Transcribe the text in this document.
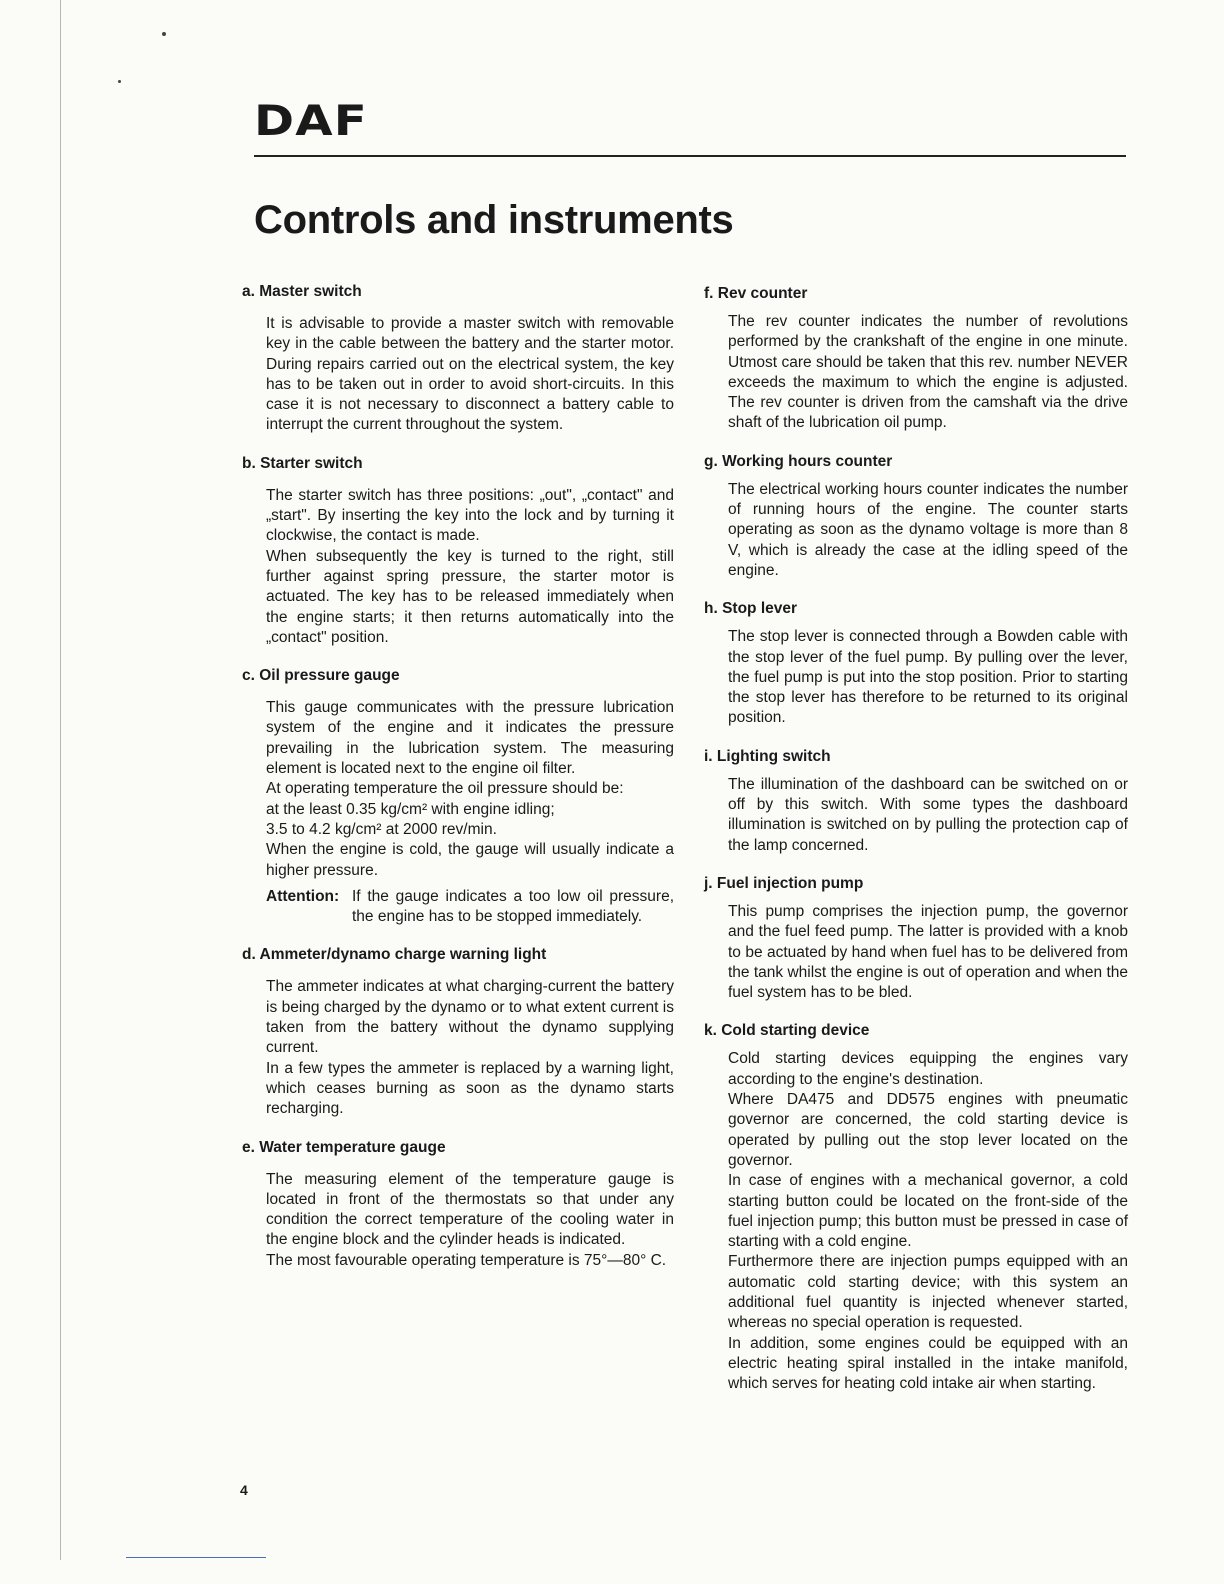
DAF
Controls and instruments
a. Master switch

It is advisable to provide a master switch with removable key in the cable between the battery and the starter motor. During repairs carried out on the electrical system, the key has to be taken out in order to avoid short-circuits. In this case it is not necessary to disconnect a battery cable to interrupt the current throughout the system.

b. Starter switch

The starter switch has three positions: „out", „contact" and „start". By inserting the key into the lock and by turning it clockwise, the contact is made.

When subsequently the key is turned to the right, still further against spring pressure, the starter motor is actuated. The key has to be released immediately when the engine starts; it then returns automatically into the „contact" position.

c. Oil pressure gauge

This gauge communicates with the pressure lubrication system of the engine and it indicates the pressure prevailing in the lubrication system. The measuring element is located next to the engine oil filter.

At operating temperature the oil pressure should be:

at the least 0.35 kg/cm² with engine idling;

3.5 to 4.2 kg/cm² at 2000 rev/min.

When the engine is cold, the gauge will usually indicate a higher pressure.

Attention: If the gauge indicates a too low oil pressure, the engine has to be stopped immediately.
d. Ammeter/dynamo charge warning light

The ammeter indicates at what charging-current the battery is being charged by the dynamo or to what extent current is taken from the battery without the dynamo supplying current.

In a few types the ammeter is replaced by a warning light, which ceases burning as soon as the dynamo starts recharging.

e. Water temperature gauge

The measuring element of the temperature gauge is located in front of the thermostats so that under any condition the correct temperature of the cooling water in the engine block and the cylinder heads is indicated.

The most favourable operating temperature is 75°—80° C.

f. Rev counter

The rev counter indicates the number of revolutions performed by the crankshaft of the engine in one minute. Utmost care should be taken that this rev. number NEVER exceeds the maximum to which the engine is adjusted. The rev counter is driven from the camshaft via the drive shaft of the lubrication oil pump.

g. Working hours counter

The electrical working hours counter indicates the number of running hours of the engine. The counter starts operating as soon as the dynamo voltage is more than 8 V, which is already the case at the idling speed of the engine.

h. Stop lever

The stop lever is connected through a Bowden cable with the stop lever of the fuel pump. By pulling over the lever, the fuel pump is put into the stop position. Prior to starting the stop lever has therefore to be returned to its original position.

i. Lighting switch

The illumination of the dashboard can be switched on or off by this switch. With some types the dashboard illumination is switched on by pulling the protection cap of the lamp concerned.

j. Fuel injection pump

This pump comprises the injection pump, the governor and the fuel feed pump. The latter is provided with a knob to be actuated by hand when fuel has to be delivered from the tank whilst the engine is out of operation and when the fuel system has to be bled.

k. Cold starting device

Cold starting devices equipping the engines vary according to the engine's destination.

Where DA475 and DD575 engines with pneumatic governor are concerned, the cold starting device is operated by pulling out the stop lever located on the governor.

In case of engines with a mechanical governor, a cold starting button could be located on the front-side of the fuel injection pump; this button must be pressed in case of starting with a cold engine.

Furthermore there are injection pumps equipped with an automatic cold starting device; with this system an additional fuel quantity is injected whenever started, whereas no special operation is requested.

In addition, some engines could be equipped with an electric heating spiral installed in the intake manifold, which serves for heating cold intake air when starting.

4
